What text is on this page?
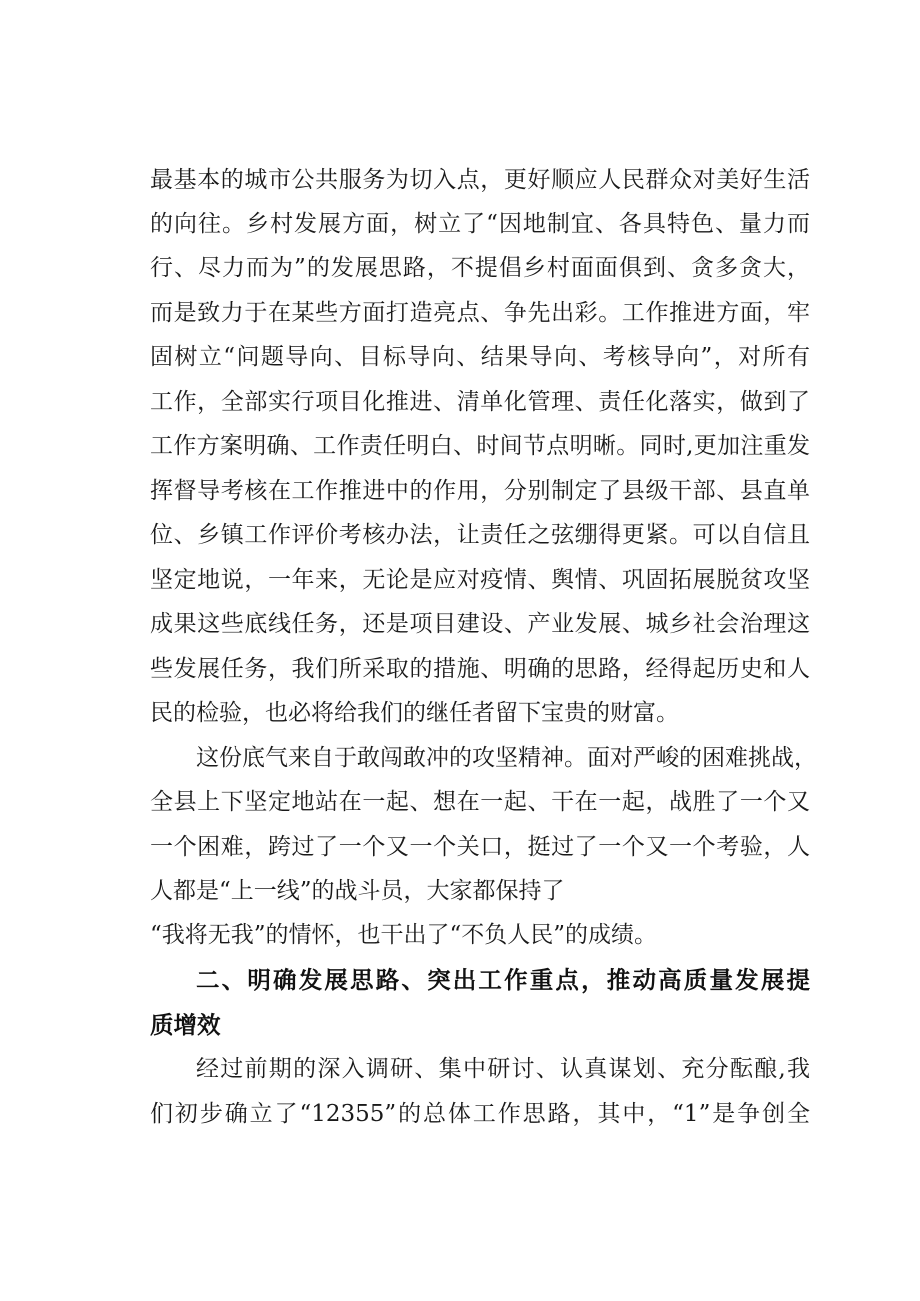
最基本的城市公共服务为切入点，更好顺应人民群众对美好生活
的向往。乡村发展方面，树立了“因地制宜、各具特色、量力而
行、尽力而为”的发展思路，不提倡乡村面面俱到、贪多贪大，
而是致力于在某些方面打造亮点、争先出彩。工作推进方面，牢
固树立“问题导向、目标导向、结果导向、考核导向”，对所有
工作，全部实行项目化推进、清单化管理、责任化落实，做到了
工作方案明确、工作责任明白、时间节点明晰。同时,更加注重发
挥督导考核在工作推进中的作用，分别制定了县级干部、县直单
位、乡镇工作评价考核办法，让责任之弦绷得更紧。可以自信且
坚定地说，一年来，无论是应对疫情、舆情、巩固拓展脱贫攻坚
成果这些底线任务，还是项目建设、产业发展、城乡社会治理这
些发展任务，我们所采取的措施、明确的思路，经得起历史和人
民的检验，也必将给我们的继任者留下宝贵的财富。
这份底气来自于敢闯敢冲的攻坚精神。面对严峻的困难挑战，
全县上下坚定地站在一起、想在一起、干在一起，战胜了一个又
一个困难，跨过了一个又一个关口，挺过了一个又一个考验，人
人都是“上一线”的战斗员，大家都保持了
“我将无我”的情怀，也干出了“不负人民”的成绩。
二、明确发展思路、突出工作重点，推动高质量发展提
质增效
经过前期的深入调研、集中研讨、认真谋划、充分酝酿,我
们初步确立了“12355”的总体工作思路，其中，“1”是争创全
